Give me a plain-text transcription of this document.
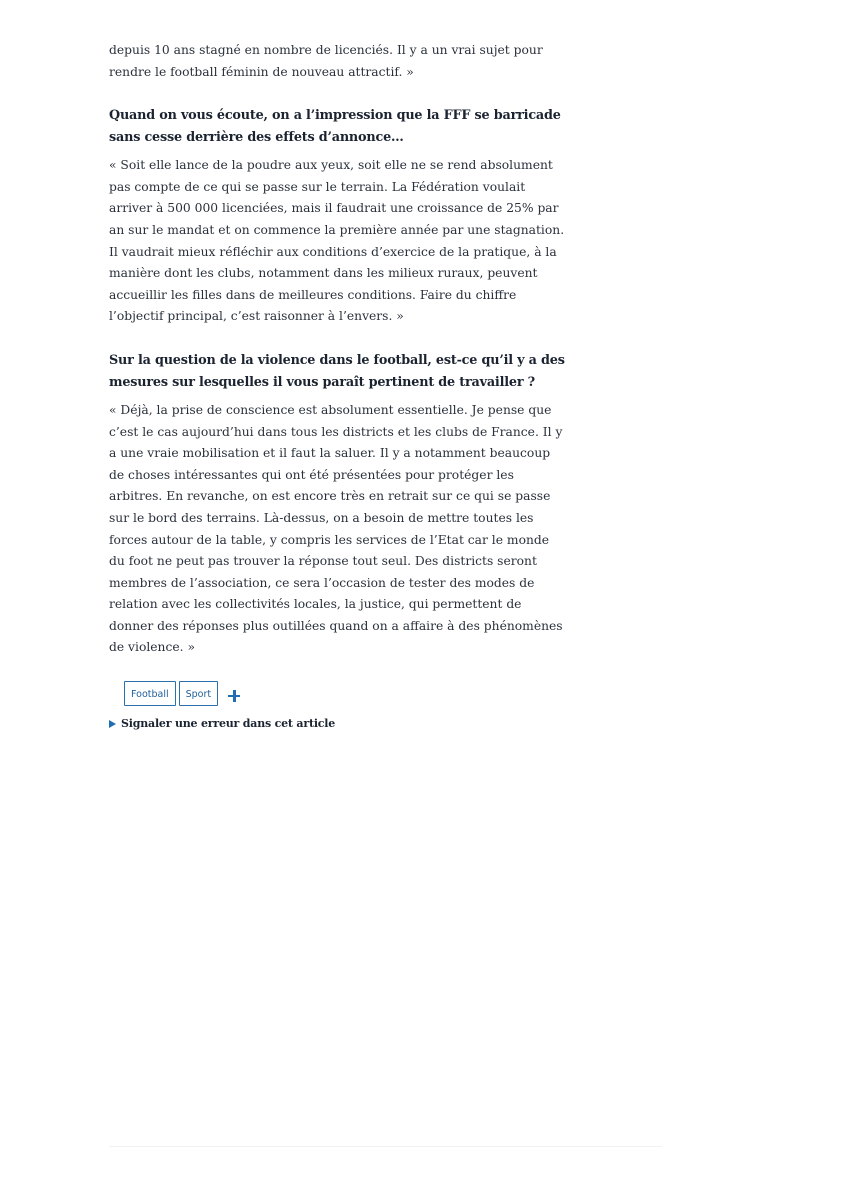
depuis 10 ans stagné en nombre de licenciés. Il y a un vrai sujet pour rendre le football féminin de nouveau attractif. »

Quand on vous écoute, on a l’impression que la FFF se barricade sans cesse derrière des effets d’annonce…

« Soit elle lance de la poudre aux yeux, soit elle ne se rend absolument pas compte de ce qui se passe sur le terrain. La Fédération voulait arriver à 500 000 licenciées, mais il faudrait une croissance de 25% par an sur le mandat et on commence la première année par une stagnation. Il vaudrait mieux réfléchir aux conditions d’exercice de la pratique, à la manière dont les clubs, notamment dans les milieux ruraux, peuvent accueillir les filles dans de meilleures conditions. Faire du chiffre l’objectif principal, c’est raisonner à l’envers. »

Sur la question de la violence dans le football, est-ce qu’il y a des mesures sur lesquelles il vous paraît pertinent de travailler ?

« Déjà, la prise de conscience est absolument essentielle. Je pense que c’est le cas aujourd’hui dans tous les districts et les clubs de France. Il y a une vraie mobilisation et il faut la saluer. Il y a notamment beaucoup de choses intéressantes qui ont été présentées pour protéger les arbitres. En revanche, on est encore très en retrait sur ce qui se passe sur le bord des terrains. Là-dessus, on a besoin de mettre toutes les forces autour de la table, y compris les services de l’Etat car le monde du foot ne peut pas trouver la réponse tout seul. Des districts seront membres de l’association, ce sera l’occasion de tester des modes de relation avec les collectivités locales, la justice, qui permettent de donner des réponses plus outillées quand on a affaire à des phénomènes de violence. »

Football	Sport
Signaler une erreur dans cet article
